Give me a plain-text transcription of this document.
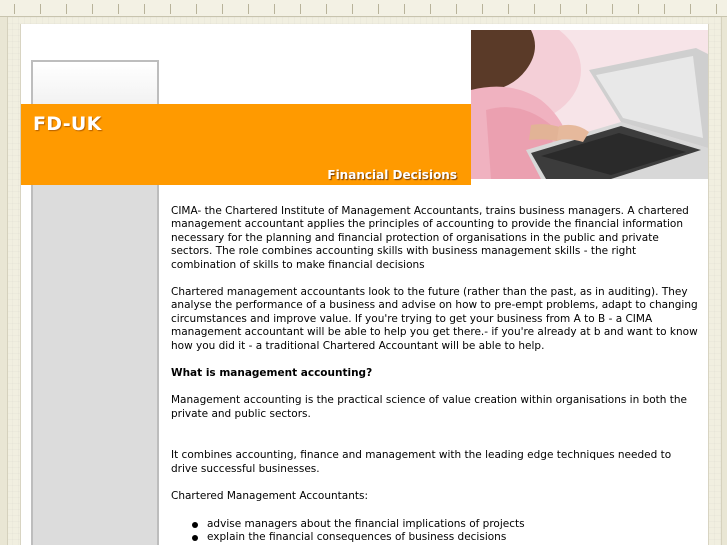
FD-UK
Financial Decisions

CIMA- the Chartered Institute of Management Accountants, trains business managers. A chartered management accountant applies the principles of accounting to provide the financial information necessary for the planning and financial protection of organisations in the public and private sectors. The role combines accounting skills with business management skills - the right combination of skills to make financial decisions

Chartered management accountants look to the future (rather than the past, as in auditing). They analyse the performance of a business and advise on how to pre-empt problems, adapt to changing circumstances and improve value. If you're trying to get your business from A to B - a CIMA management accountant will be able to help you get there.- if you're already at b and want to know how you did it - a traditional Chartered Accountant will be able to help.

What is management accounting?

Management accounting is the practical science of value creation within organisations in both the private and public sectors.

It combines accounting, finance and management with the leading edge techniques needed to drive successful businesses.

Chartered Management Accountants:

advise managers about the financial implications of projects
explain the financial consequences of business decisions
